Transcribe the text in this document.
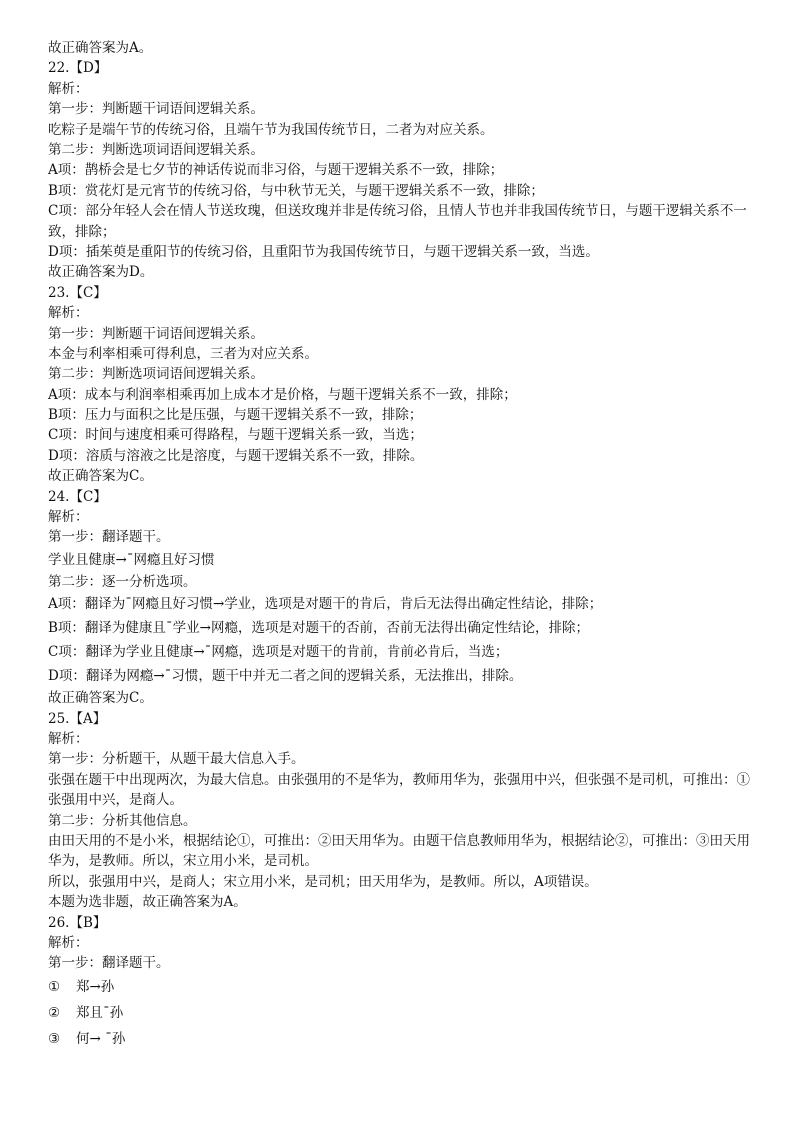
故正确答案为A。
22.【D】
解析：
第一步：判断题干词语间逻辑关系。
吃粽子是端午节的传统习俗，且端午节为我国传统节日，二者为对应关系。
第二步：判断选项词语间逻辑关系。
A项：鹊桥会是七夕节的神话传说而非习俗，与题干逻辑关系不一致，排除；
B项：赏花灯是元宵节的传统习俗，与中秋节无关，与题干逻辑关系不一致，排除；
C项：部分年轻人会在情人节送玫瑰，但送玫瑰并非是传统习俗，且情人节也并非我国传统节日，与题干逻辑关系不一致，排除；
D项：插茱萸是重阳节的传统习俗，且重阳节为我国传统节日，与题干逻辑关系一致，当选。
故正确答案为D。
23.【C】
解析：
第一步：判断题干词语间逻辑关系。
本金与利率相乘可得利息，三者为对应关系。
第二步：判断选项词语间逻辑关系。
A项：成本与利润率相乘再加上成本才是价格，与题干逻辑关系不一致，排除；
B项：压力与面积之比是压强，与题干逻辑关系不一致，排除；
C项：时间与速度相乘可得路程，与题干逻辑关系一致，当选；
D项：溶质与溶液之比是溶度，与题干逻辑关系不一致，排除。
故正确答案为C。
24.【C】
解析：
第一步：翻译题干。
学业且健康→¯网瘾且好习惯
第二步：逐一分析选项。
A项：翻译为¯网瘾且好习惯→学业，选项是对题干的肯后，肯后无法得出确定性结论，排除；
B项：翻译为健康且¯学业→网瘾，选项是对题干的否前，否前无法得出确定性结论，排除；
C项：翻译为学业且健康→¯网瘾，选项是对题干的肯前，肯前必肯后，当选；
D项：翻译为网瘾→¯习惯，题干中并无二者之间的逻辑关系，无法推出，排除。
故正确答案为C。
25.【A】
解析：
第一步：分析题干，从题干最大信息入手。
张强在题干中出现两次，为最大信息。由张强用的不是华为，教师用华为，张强用中兴，但张强不是司机，可推出：①张强用中兴，是商人。
第二步：分析其他信息。
由田天用的不是小米，根据结论①，可推出：②田天用华为。由题干信息教师用华为，根据结论②，可推出：③田天用华为，是教师。所以，宋立用小米，是司机。
所以，张强用中兴，是商人；宋立用小米，是司机；田天用华为，是教师。所以，A项错误。
本题为选非题，故正确答案为A。
26.【B】
解析：
第一步：翻译题干。
① 郑→孙
② 郑且¯孙
③ 何→ ¯孙
